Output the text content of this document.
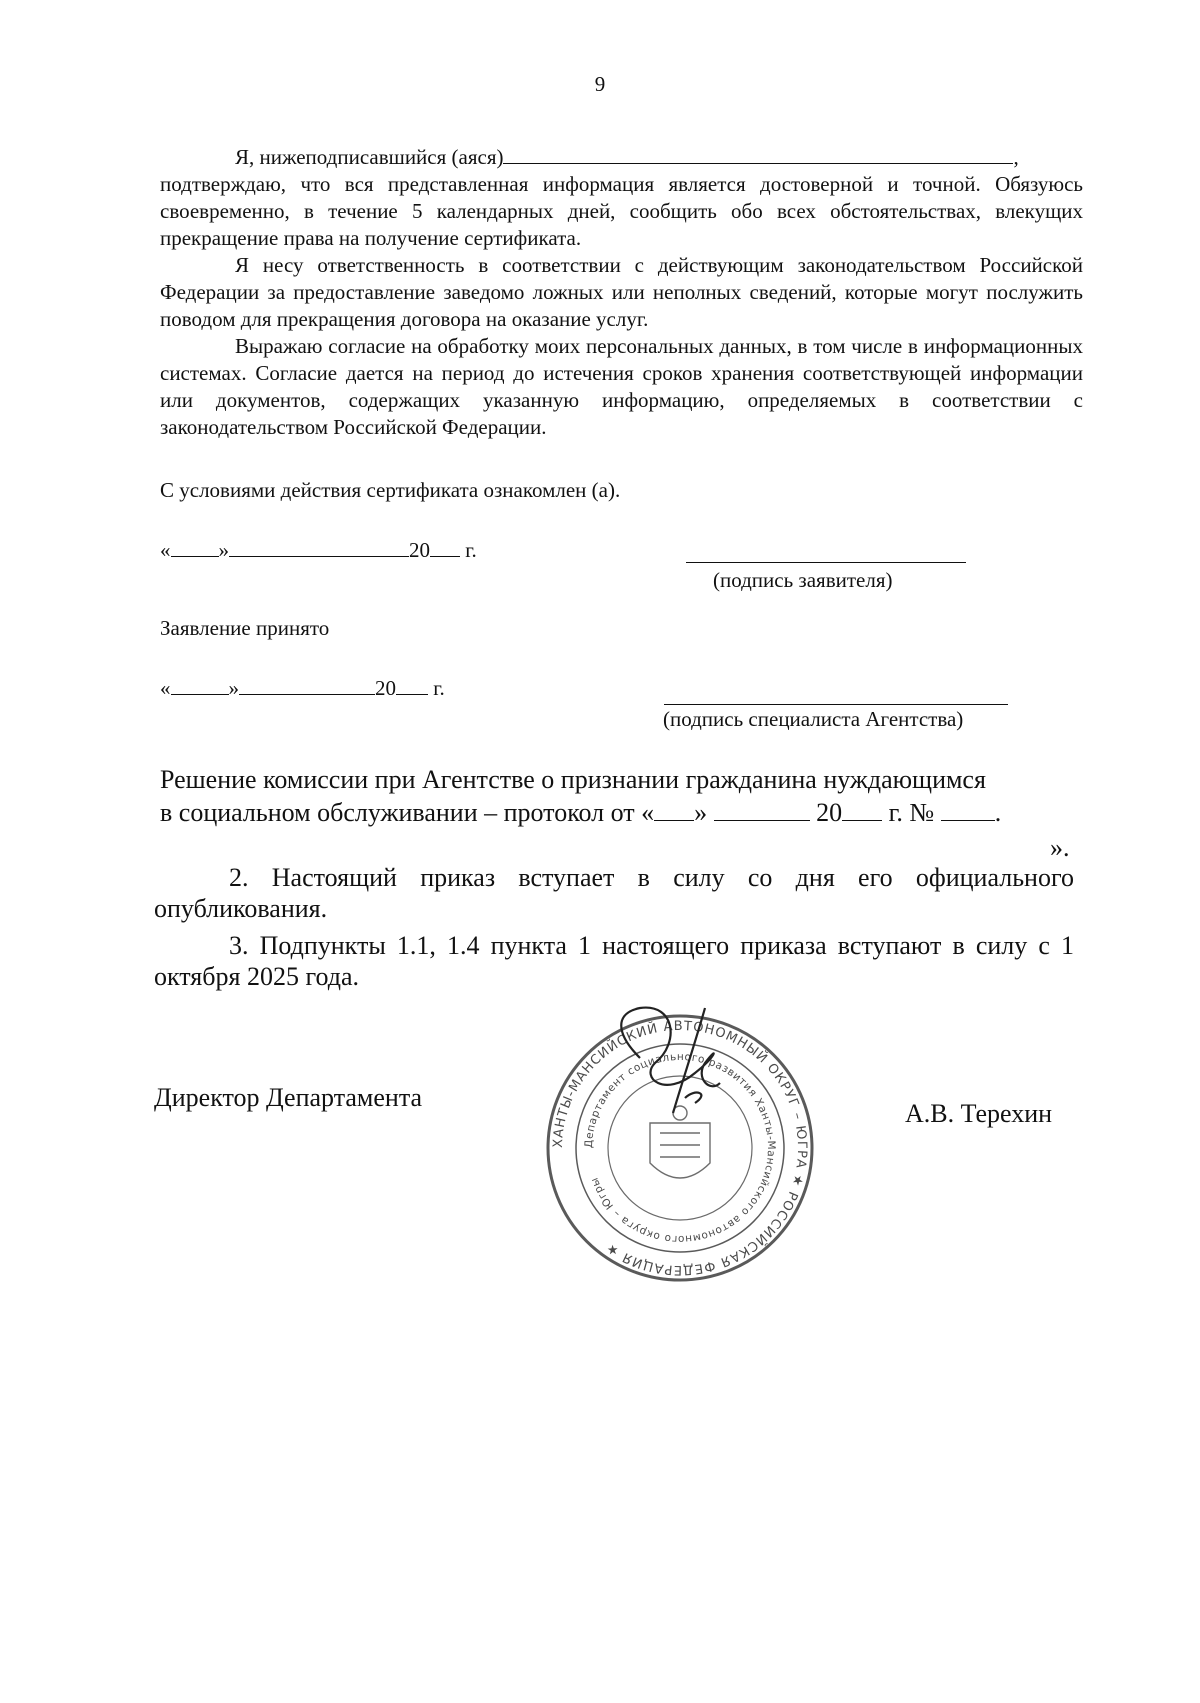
9

Я, нижеподписавшийся (аяся)	,

подтверждаю, что вся представленная информация является достоверной и точной. Обязуюсь своевременно, в течение 5 календарных дней, сообщить обо всех обстоятельствах, влекущих прекращение права на получение сертификата.

Я несу ответственность в соответствии с действующим законодательством Российской Федерации за предоставление заведомо ложных или неполных сведений, которые могут послужить поводом для прекращения договора на оказание услуг.

Выражаю согласие на обработку моих персональных данных, в том числе в информационных системах. Согласие дается на период до истечения сроков хранения соответствующей информации или документов, содержащих указанную информацию, определяемых в соответствии с законодательством Российской Федерации.

С условиями действия сертификата ознакомлен (а).
« »	20 г.
(подпись заявителя)
Заявление принято
«	»	20 г.
(подпись специалиста Агентства)
Решение комиссии при Агентстве о признании гражданина нуждающимся
в социальном обслуживании – протокол от « »	20 г. № .
».

2. Настоящий приказ вступает в силу со дня его официального опубликования.

3. Подпункты 1.1, 1.4 пункта 1 настоящего приказа вступают в силу с 1 октября 2025 года.

Директор Департамента
А.В. Терехин
ХАНТЫ-МАНСИЙСКИЙ АВТОНОМНЫЙ ОКРУГ – ЮГРА ★ РОССИЙСКАЯ ФЕДЕРАЦИЯ ★
Департамент социального развития Ханты-Мансийского автономного округа – Югры
